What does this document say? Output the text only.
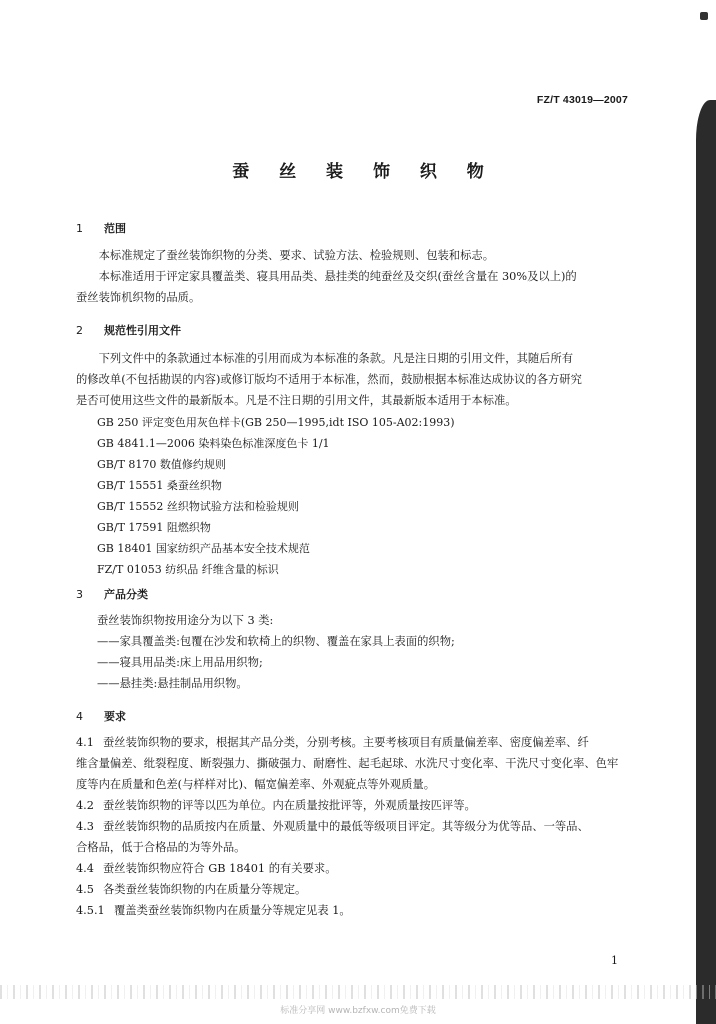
FZ/T 43019—2007
蚕 丝 装 饰 织 物
1 范围
本标准规定了蚕丝装饰织物的分类、要求、试验方法、检验规则、包装和标志。
本标准适用于评定家具覆盖类、寝具用品类、悬挂类的纯蚕丝及交织(蚕丝含量在 30%及以上)的
蚕丝装饰机织物的品质。
2 规范性引用文件
下列文件中的条款通过本标准的引用而成为本标准的条款。凡是注日期的引用文件，其随后所有
的修改单(不包括勘误的内容)或修订版均不适用于本标准，然而，鼓励根据本标准达成协议的各方研究
是否可使用这些文件的最新版本。凡是不注日期的引用文件，其最新版本适用于本标准。
GB 250 评定变色用灰色样卡(GB 250—1995,idt ISO 105-A02:1993)
GB 4841.1—2006 染料染色标准深度色卡 1/1
GB/T 8170 数值修约规则
GB/T 15551 桑蚕丝织物
GB/T 15552 丝织物试验方法和检验规则
GB/T 17591 阻燃织物
GB 18401 国家纺织产品基本安全技术规范
FZ/T 01053 纺织品 纤维含量的标识
3 产品分类
蚕丝装饰织物按用途分为以下 3 类:
——家具覆盖类:包覆在沙发和软椅上的织物、覆盖在家具上表面的织物;
——寝具用品类:床上用品用织物;
——悬挂类:悬挂制品用织物。
4 要求
4.1 蚕丝装饰织物的要求，根据其产品分类，分别考核。主要考核项目有质量偏差率、密度偏差率、纤
维含量偏差、纰裂程度、断裂强力、撕破强力、耐磨性、起毛起球、水洗尺寸变化率、干洗尺寸变化率、色牢
度等内在质量和色差(与样样对比)、幅宽偏差率、外观疵点等外观质量。
4.2 蚕丝装饰织物的评等以匹为单位。内在质量按批评等，外观质量按匹评等。
4.3 蚕丝装饰织物的品质按内在质量、外观质量中的最低等级项目评定。其等级分为优等品、一等品、
合格品，低于合格品的为等外品。
4.4 蚕丝装饰织物应符合 GB 18401 的有关要求。
4.5 各类蚕丝装饰织物的内在质量分等规定。
4.5.1 覆盖类蚕丝装饰织物内在质量分等规定见表 1。
1
标准分享网 www.bzfxw.com免费下载
